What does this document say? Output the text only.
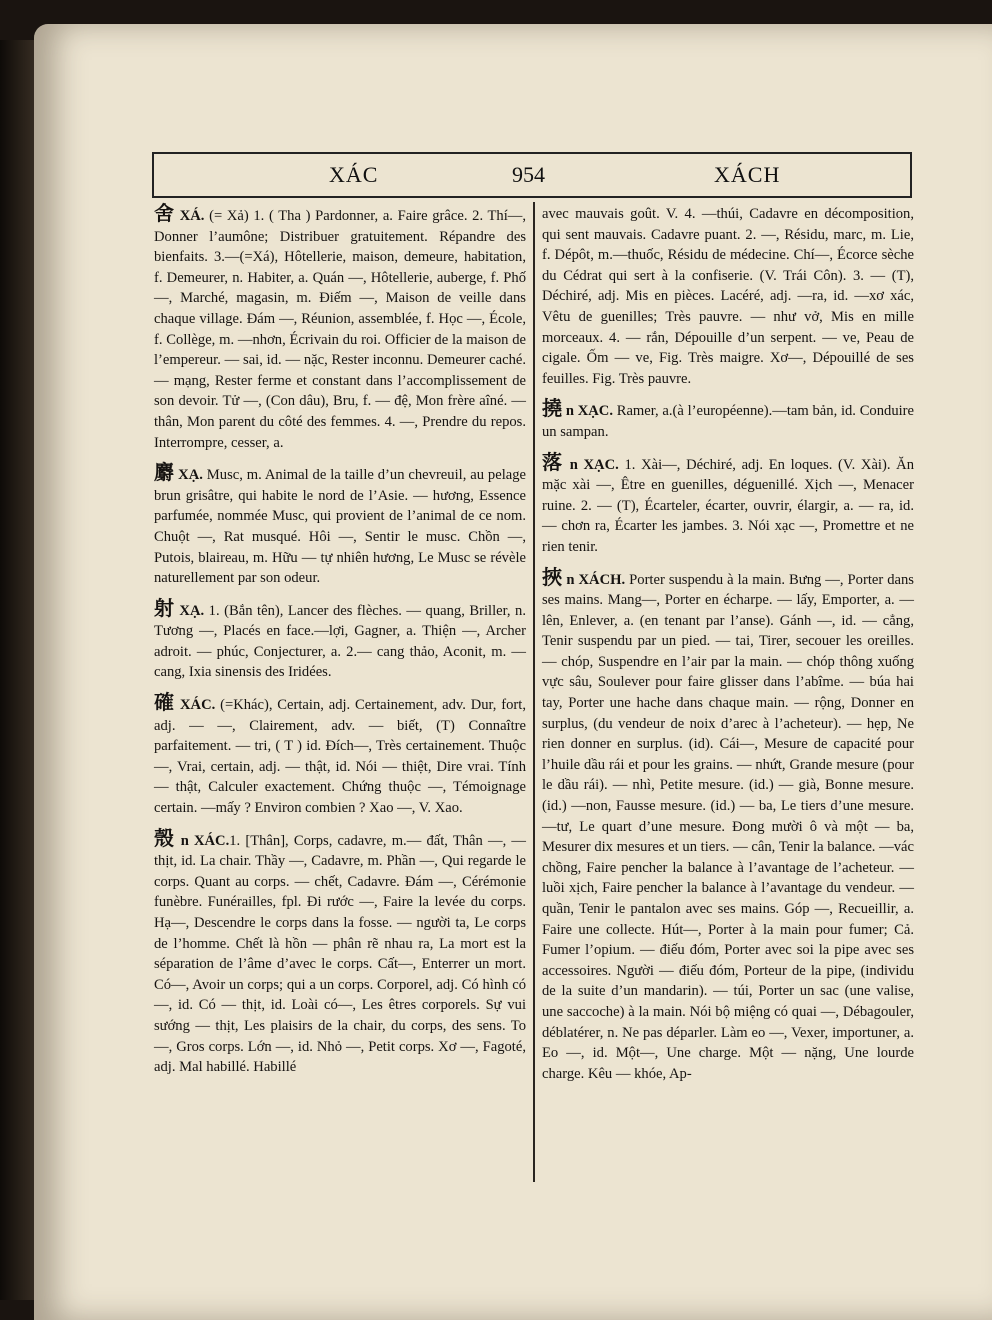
XÁC	954	XÁCH

舍 XÁ. (= Xả) 1. ( Tha ) Pardonner, a. Faire grâce. 2. Thí—, Donner l’aumône; Distribuer gratuitement. Répandre des bienfaits. 3.—(=Xá), Hôtellerie, maison, demeure, habitation, f. Demeurer, n. Habiter, a. Quán —, Hôtellerie, auberge, f. Phố—, Marché, magasin, m. Điếm —, Maison de veille dans chaque village. Đám —, Réunion, assemblée, f. Học —, École, f. Collège, m. —nhơn, Écrivain du roi. Officier de la maison de l’empereur. — sai, id. — nặc, Rester inconnu. Demeurer caché. — mạng, Rester ferme et constant dans l’accomplissement de son devoir. Tử —, (Con dâu), Bru, f. — đệ, Mon frère aîné. —thân, Mon parent du côté des femmes. 4. —, Prendre du repos. Interrompre, cesser, a.

麝 XẠ. Musc, m. Animal de la taille d’un chevreuil, au pelage brun grisâtre, qui habite le nord de l’Asie. — hương, Essence parfumée, nommée Musc, qui provient de l’animal de ce nom. Chuột —, Rat musqué. Hôi —, Sentir le musc. Chồn —, Putois, blaireau, m. Hữu — tự nhiên hương, Le Musc se révèle naturellement par son odeur.

射 XẠ. 1. (Bắn tên), Lancer des flèches. — quang, Briller, n. Tương —, Placés en face.—lợi, Gagner, a. Thiện —, Archer adroit. — phúc, Conjecturer, a. 2.— cang thảo, Aconit, m. — cang, Ixia sinensis des Iridées.

確 XÁC. (=Khác), Certain, adj. Certainement, adv. Dur, fort, adj. — —, Clairement, adv. — biết, (T) Connaître parfaitement. — tri, ( T ) id. Đích—, Très certainement. Thuộc —, Vrai, certain, adj. — thật, id. Nói — thiệt, Dire vrai. Tính — thật, Calculer exactement. Chứng thuộc —, Témoignage certain. —mấy ? Environ combien ? Xao —, V. Xao.

殼 n XÁC.1. [Thân], Corps, cadavre, m.— đất, Thân —, — thịt, id. La chair. Thầy —, Cadavre, m. Phần —, Qui regarde le corps. Quant au corps. — chết, Cadavre. Đám —, Cérémonie funèbre. Funérailles, fpl. Đi rước —, Faire la levée du corps. Hạ—, Descendre le corps dans la fosse. — người ta, Le corps de l’homme. Chết là hồn — phân rẽ nhau ra, La mort est la séparation de l’âme d’avec le corps. Cất—, Enterrer un mort. Có—, Avoir un corps; qui a un corps. Corporel, adj. Có hình có —, id. Có — thịt, id. Loài có—, Les êtres corporels. Sự vui sướng — thịt, Les plaisirs de la chair, du corps, des sens. To —, Gros corps. Lớn —, id. Nhỏ —, Petit corps. Xơ —, Fagoté, adj. Mal habillé. Habillé

avec mauvais goût. V. 4. —thúi, Cadavre en décomposition, qui sent mauvais. Cadavre puant. 2. —, Résidu, marc, m. Lie, f. Dépôt, m.—thuốc, Résidu de médecine. Chí—, Écorce sèche du Cédrat qui sert à la confiserie. (V. Trái Côn). 3. — (T), Déchiré, adj. Mis en pièces. Lacéré, adj. —ra, id. —xơ xác, Vêtu de guenilles; Très pauvre. — như vở, Mis en mille morceaux. 4. — rắn, Dépouille d’un serpent. — ve, Peau de cigale. Ốm — ve, Fig. Très maigre. Xơ—, Dépouillé de ses feuilles. Fig. Très pauvre.

撓 n XẠC. Ramer, a.(à l’européenne).—tam bản, id. Conduire un sampan.

落 n XẠC. 1. Xài—, Déchiré, adj. En loques. (V. Xài). Ăn mặc xài —, Être en guenilles, déguenillé. Xịch —, Menacer ruine. 2. — (T), Écarteler, écarter, ouvrir, élargir, a. — ra, id. — chơn ra, Écarter les jambes. 3. Nói xạc —, Promettre et ne rien tenir.

挾 n XÁCH. Porter suspendu à la main. Bưng —, Porter dans ses mains. Mang—, Porter en écharpe. — lấy, Emporter, a. — lên, Enlever, a. (en tenant par l’anse). Gánh —, id. — cẳng, Tenir suspendu par un pied. — tai, Tirer, secouer les oreilles. — chóp, Suspendre en l’air par la main. — chóp thông xuống vực sâu, Soulever pour faire glisser dans l’abîme. — búa hai tay, Porter une hache dans chaque main. — rộng, Donner en surplus, (du vendeur de noix d’arec à l’acheteur). — hẹp, Ne rien donner en surplus. (id). Cái—, Mesure de capacité pour l’huile dầu rái et pour les grains. — nhứt, Grande mesure (pour le dầu rái). — nhì, Petite mesure. (id.) — già, Bonne mesure. (id.) —non, Fausse mesure. (id.) — ba, Le tiers d’une mesure. —tư, Le quart d’une mesure. Đong mười ô và một — ba, Mesurer dix mesures et un tiers. — cân, Tenir la balance. —vác chồng, Faire pencher la balance à l’avantage de l’acheteur. —luồi xịch, Faire pencher la balance à l’avantage du vendeur. — quần, Tenir le pantalon avec ses mains. Góp —, Recueillir, a. Faire une collecte. Hút—, Porter à la main pour fumer; Cả. Fumer l’opium. — điếu đóm, Porter avec soi la pipe avec ses accessoires. Người — điếu đóm, Porteur de la pipe, (individu de la suite d’un mandarin). — túi, Porter un sac (une valise, une saccoche) à la main. Nói bộ miệng có quai —, Débagouler, déblatérer, n. Ne pas déparler. Làm eo —, Vexer, importuner, a. Eo —, id. Một—, Une charge. Một — nặng, Une lourde charge. Kêu — khóe, Ap-
